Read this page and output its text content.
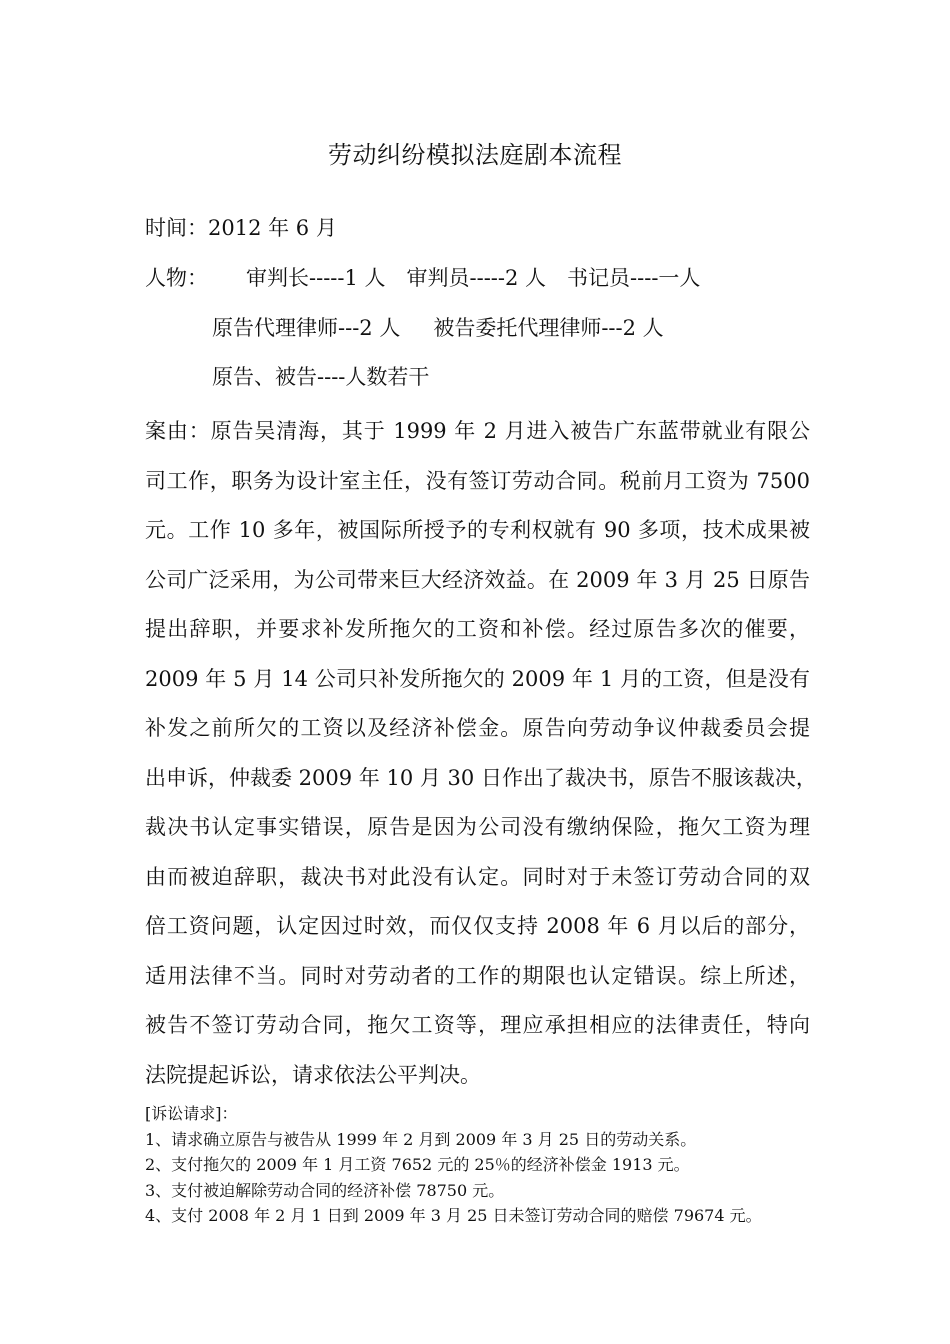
劳动纠纷模拟法庭剧本流程
时间：2012 年 6 月
人物： 审判长-----1 人 审判员-----2 人 书记员----一人
原告代理律师---2 人 被告委托代理律师---2 人
原告、被告----人数若干
案由：原告吴清海，其于 1999 年 2 月进入被告广东蓝带就业有限公
司工作，职务为设计室主任，没有签订劳动合同。税前月工资为 7500
元。工作 10 多年，被国际所授予的专利权就有 90 多项，技术成果被
公司广泛采用，为公司带来巨大经济效益。在 2009 年 3 月 25 日原告
提出辞职，并要求补发所拖欠的工资和补偿。经过原告多次的催要，
2009 年 5 月 14 公司只补发所拖欠的 2009 年 1 月的工资，但是没有
补发之前所欠的工资以及经济补偿金。原告向劳动争议仲裁委员会提
出申诉，仲裁委 2009 年 10 月 30 日作出了裁决书，原告不服该裁决，
裁决书认定事实错误，原告是因为公司没有缴纳保险，拖欠工资为理
由而被迫辞职，裁决书对此没有认定。同时对于未签订劳动合同的双
倍工资问题，认定因过时效，而仅仅支持 2008 年 6 月以后的部分，
适用法律不当。同时对劳动者的工作的期限也认定错误。综上所述，
被告不签订劳动合同，拖欠工资等，理应承担相应的法律责任，特向
法院提起诉讼，请求依法公平判决。
[诉讼请求]：
1、请求确立原告与被告从 1999 年 2 月到 2009 年 3 月 25 日的劳动关系。
2、支付拖欠的 2009 年 1 月工资 7652 元的 25％的经济补偿金 1913 元。
3、支付被迫解除劳动合同的经济补偿 78750 元。
4、支付 2008 年 2 月 1 日到 2009 年 3 月 25 日未签订劳动合同的赔偿 79674 元。
